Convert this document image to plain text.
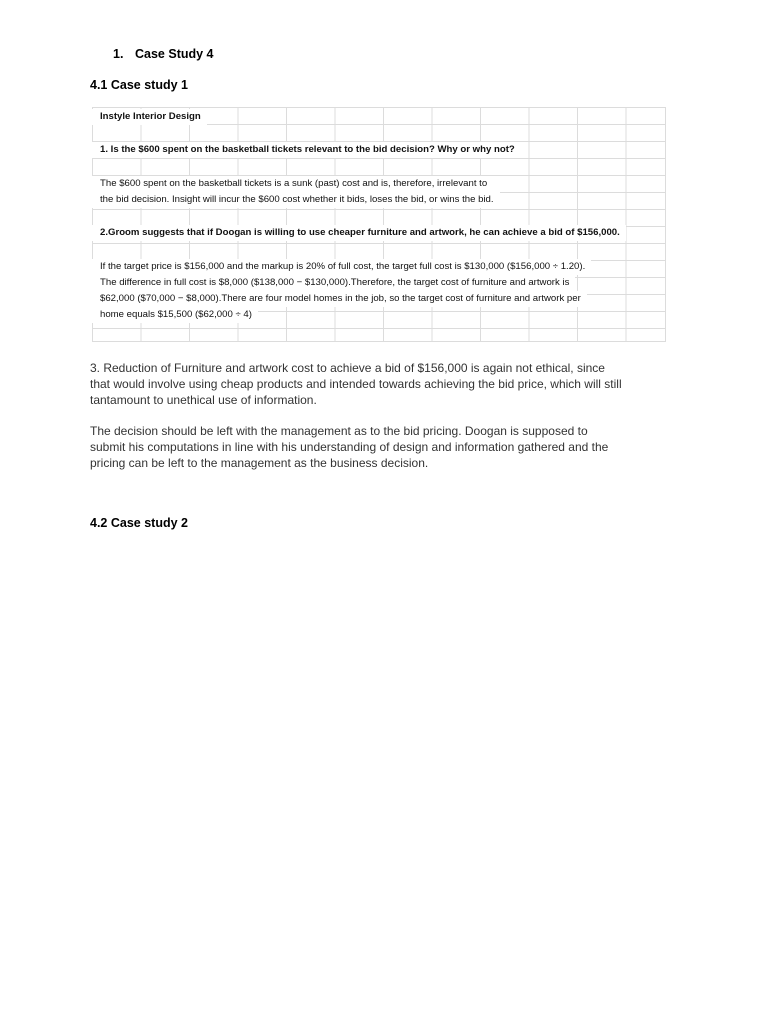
1. Case Study 4
4.1 Case study 1
Instyle Interior Design
1. Is the $600 spent on the basketball tickets relevant to the bid decision? Why or why not?
The $600 spent on the basketball tickets is a sunk (past) cost and is, therefore, irrelevant to
the bid decision. Insight will incur the $600 cost whether it bids, loses the bid, or wins the bid.
2.Groom suggests that if Doogan is willing to use cheaper furniture and artwork, he can achieve a bid of $156,000.
If the target price is $156,000 and the markup is 20% of full cost, the target full cost is $130,000 ($156,000 ÷ 1.20).
The difference in full cost is $8,000 ($138,000 − $130,000).Therefore, the target cost of furniture and artwork is
$62,000 ($70,000 − $8,000).There are four model homes in the job, so the target cost of furniture and artwork per
home equals $15,500 ($62,000 ÷ 4)
3. Reduction of Furniture and artwork cost to achieve a bid of $156,000 is again not ethical, since
that would involve using cheap products and intended towards achieving the bid price, which will still
tantamount to unethical use of information.
The decision should be left with the management as to the bid pricing. Doogan is supposed to
submit his computations in line with his understanding of design and information gathered and the
pricing can be left to the management as the business decision.
4.2 Case study 2
